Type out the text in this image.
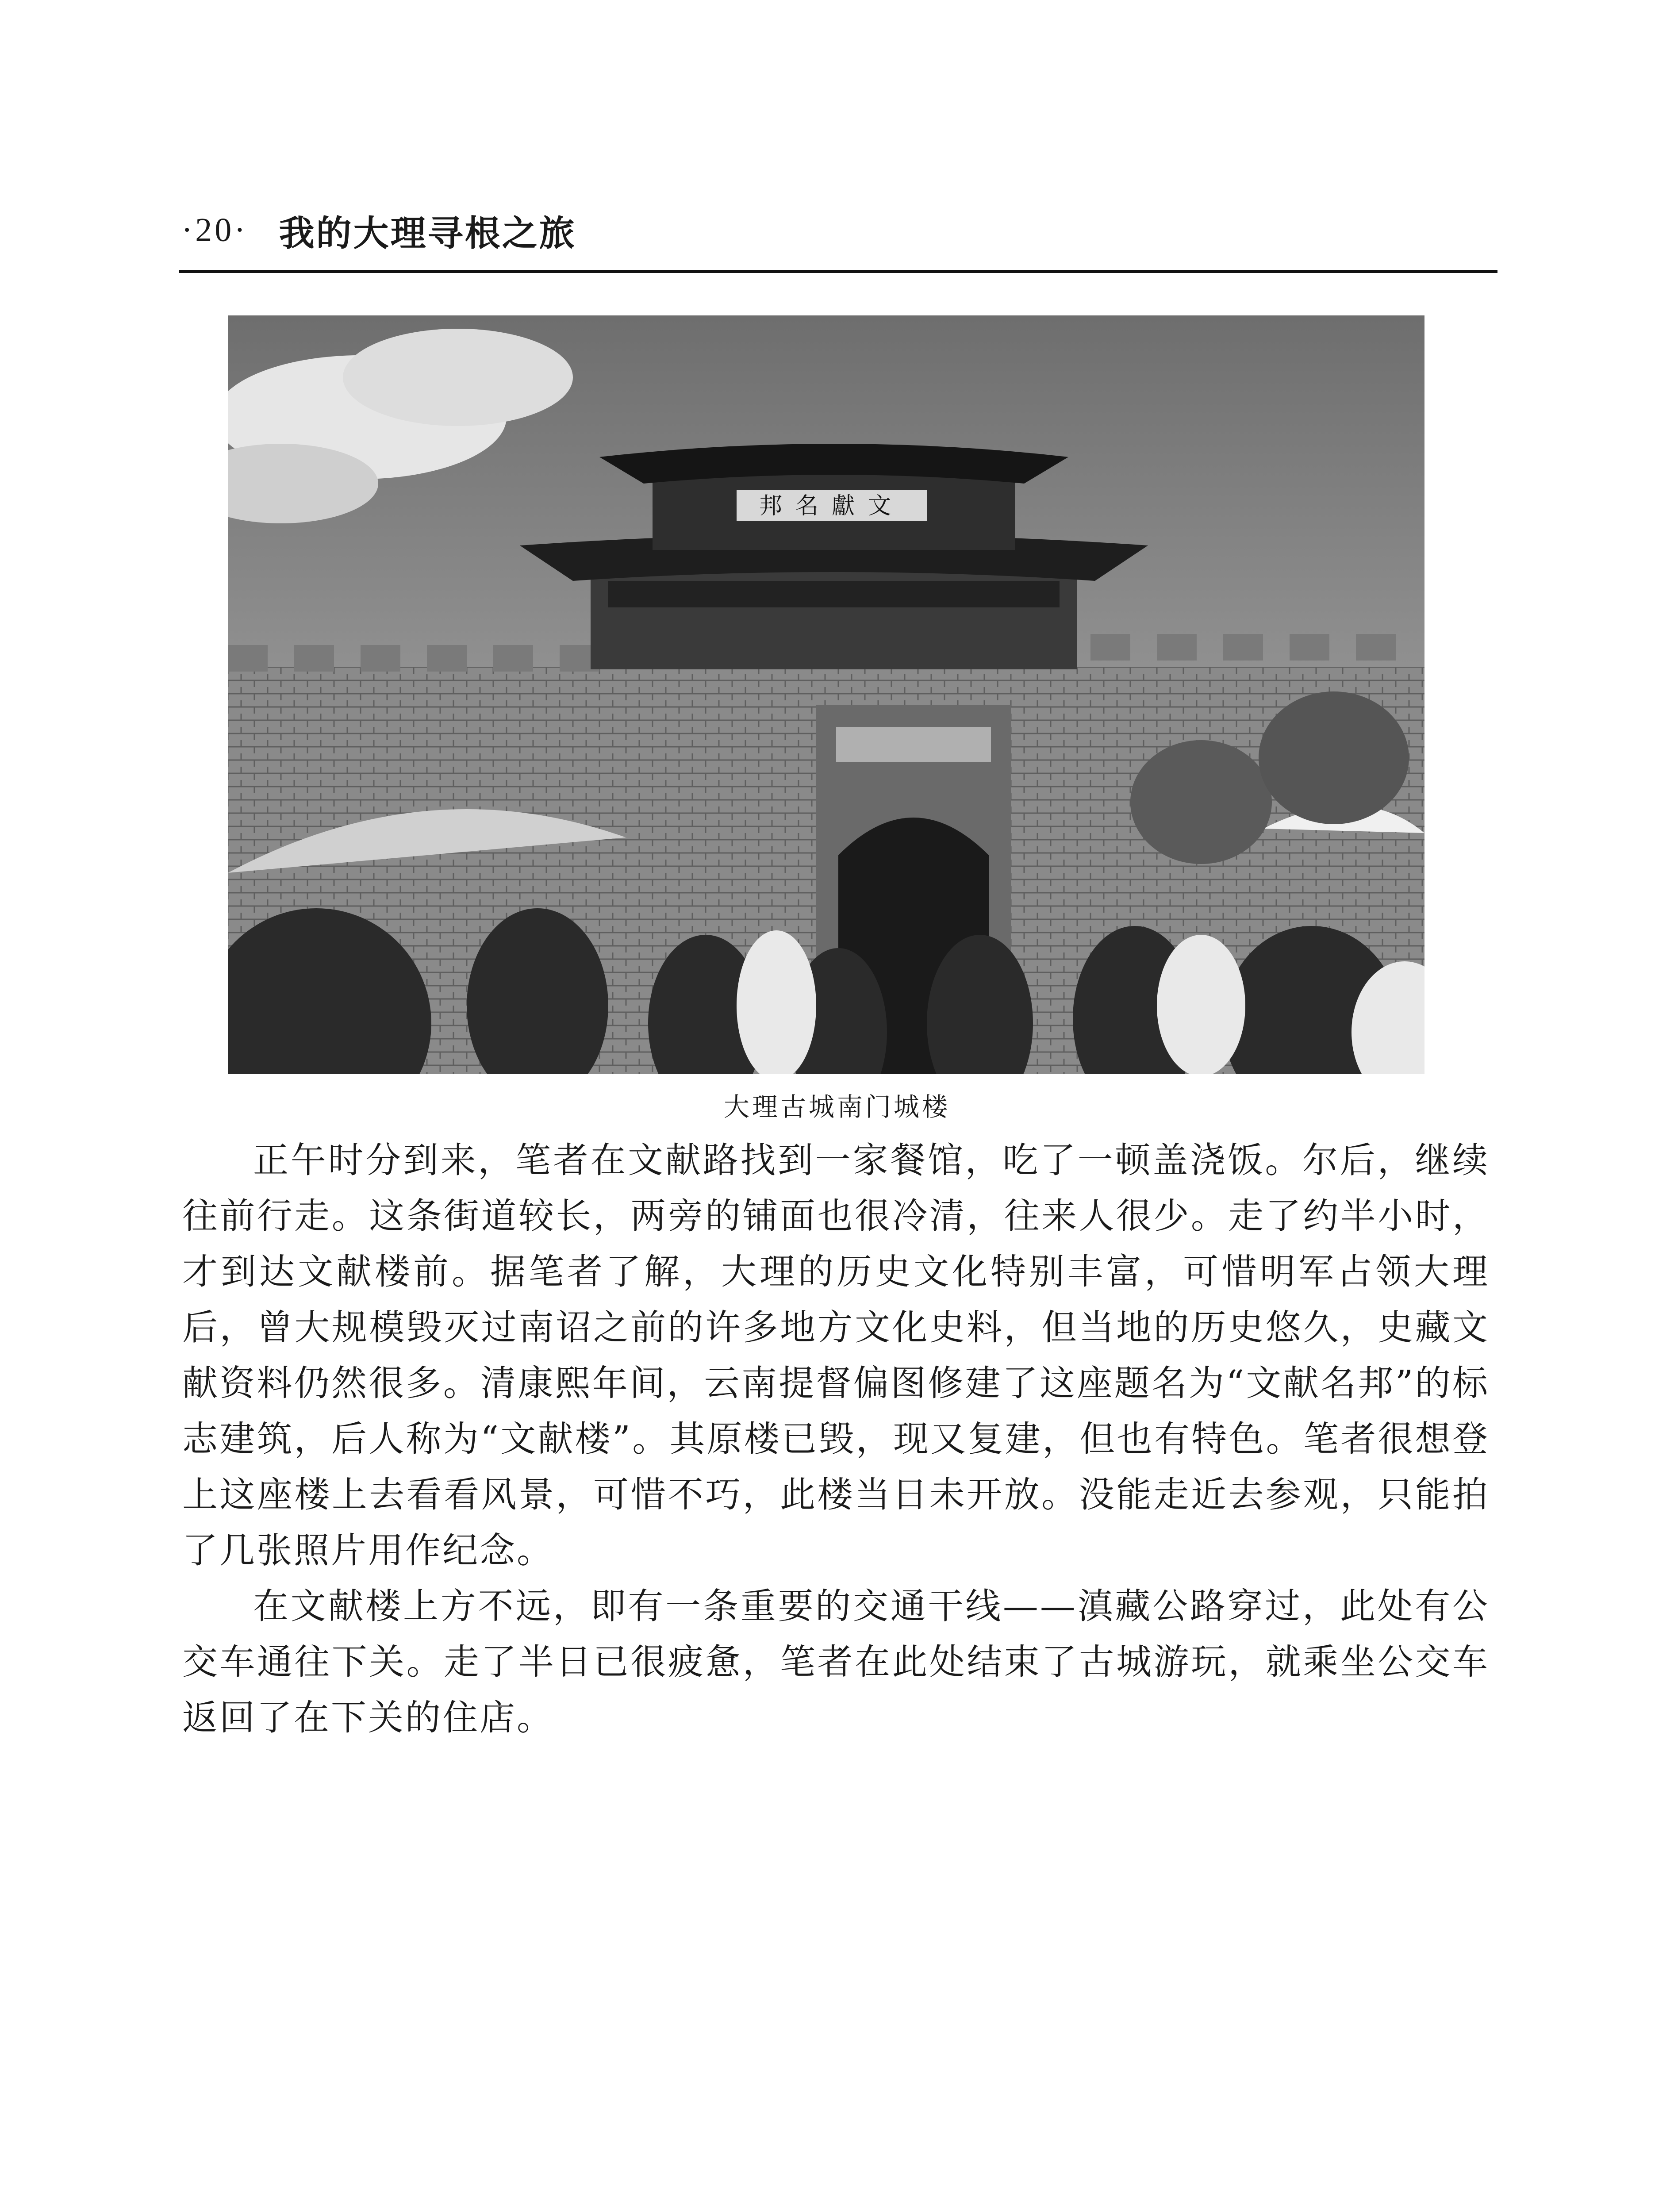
·20· 我的大理寻根之旅
邦名獻文
大理古城南门城楼

正午时分到来，笔者在文献路找到一家餐馆，吃了一顿盖浇饭。尔后，继续往前行走。这条街道较长，两旁的铺面也很冷清，往来人很少。走了约半小时，才到达文献楼前。据笔者了解，大理的历史文化特别丰富，可惜明军占领大理后，曾大规模毁灭过南诏之前的许多地方文化史料，但当地的历史悠久，史藏文献资料仍然很多。清康熙年间，云南提督偏图修建了这座题名为“文献名邦”的标志建筑，后人称为“文献楼”。其原楼已毁，现又复建，但也有特色。笔者很想登上这座楼上去看看风景，可惜不巧，此楼当日未开放。没能走近去参观，只能拍了几张照片用作纪念。

在文献楼上方不远，即有一条重要的交通干线——滇藏公路穿过，此处有公交车通往下关。走了半日已很疲惫，笔者在此处结束了古城游玩，就乘坐公交车返回了在下关的住店。
